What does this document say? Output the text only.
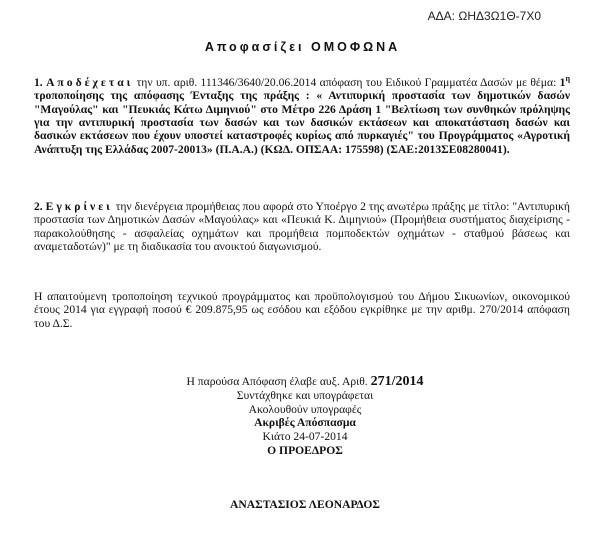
ΑΔΑ: ΩΗΔ3Ω1Θ-7Χ0
Αποφασίζει ΟΜΟΦΩΝΑ
1. Αποδέχεται την υπ. αριθ. 111346/3640/20.06.2014 απόφαση του Ειδικού Γραμματέα Δασών με θέμα: $1^\eta$ τροποποίησης της απόφασης Ένταξης της πράξης : « Αντιπυρική προστασία των δημοτικών δασών "Μαγούλας" και "Πευκιάς Κάτω Διμηνιού" στο Μέτρο 226 Δράση 1 "Βελτίωση των συνθηκών πρόληψης για την αντιπυρική προστασία των δασών και των δασικών εκτάσεων και αποκατάσταση δασών και δασικών εκτάσεων που έχουν υποστεί καταστροφές κυρίως από πυρκαγιές" του Προγράμματος «Αγροτική Ανάπτυξη της Ελλάδας 2007-20013» (Π.Α.Α.) (ΚΩΔ. ΟΠΣΑΑ: 175598) (ΣΑΕ:2013ΣΕ08280041).
2. Εγκρίνει την διενέργεια προμήθειας που αφορά στο Υποέργο 2 της ανωτέρω πράξης με τίτλο: "Αντιπυρική προστασία των Δημοτικών Δασών «Μαγούλας» και «Πευκιά Κ. Διμηνιού» (Προμήθεια συστήματος διαχείρισης - παρακολούθησης - ασφαλείας οχημάτων και προμήθεια πομποδεκτών οχημάτων - σταθμού βάσεως και αναμεταδοτών)" με τη διαδικασία του ανοικτού διαγωνισμού.
Η απαιτούμενη τροποποίηση τεχνικού προγράμματος και προϋπολογισμού του Δήμου Σικυωνίων, οικονομικού έτους 2014 για εγγραφή ποσού € 209.875,95 ως εσόδου και εξόδου εγκρίθηκε με την αριθμ. 270/2014 απόφαση του Δ.Σ.
Η παρούσα Απόφαση έλαβε αυξ. Αριθ. 271/2014
Συντάχθηκε και υπογράφεται
Ακολουθούν υπογραφές
Ακριβές Απόσπασμα
Κιάτο 24-07-2014
Ο ΠΡΟΕΔΡΟΣ
ΑΝΑΣΤΑΣΙΟΣ ΛΕΟΝΑΡΔΟΣ
